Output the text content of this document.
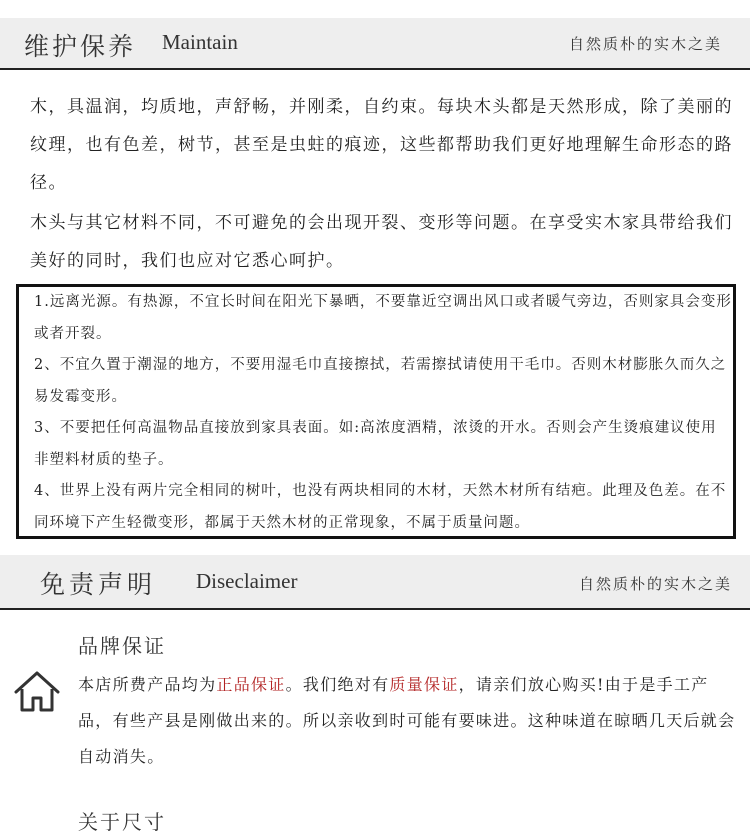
维护保养 Maintain	自然质朴的实木之美

木，具温润，均质地，声舒畅，并刚柔，自约束。每块木头都是天然形成，除了美丽的纹理，也有色差，树节，甚至是虫蛀的痕迹，这些都帮助我们更好地理解生命形态的路径。

木头与其它材料不同，不可避免的会出现开裂、变形等问题。在享受实木家具带给我们美好的同时，我们也应对它悉心呵护。

1.远离光源。有热源，不宜长时间在阳光下暴晒，不要靠近空调出风口或者暖气旁边，否则家具会变形或者开裂。

2、不宜久置于潮湿的地方，不要用湿毛巾直接擦拭，若需擦拭请使用干毛巾。否则木材膨胀久而久之易发霉变形。

3、不要把任何高温物品直接放到家具表面。如:高浓度酒精，浓烫的开水。否则会产生烫痕建议使用非塑料材质的垫子。

4、世界上没有两片完全相同的树叶，也没有两块相同的木材，天然木材所有结疤。此理及色差。在不同环境下产生轻微变形，都属于天然木材的正常现象，不属于质量问题。

免责声明 Diseclaimer	自然质朴的实木之美
品牌保证

本店所费产品均为正品保证。我们绝对有质量保证，请亲们放心购买!由于是手工产品，有些产县是刚做出来的。所以亲收到时可能有要味进。这种味道在晾晒几天后就会自动消失。

关于尺寸
